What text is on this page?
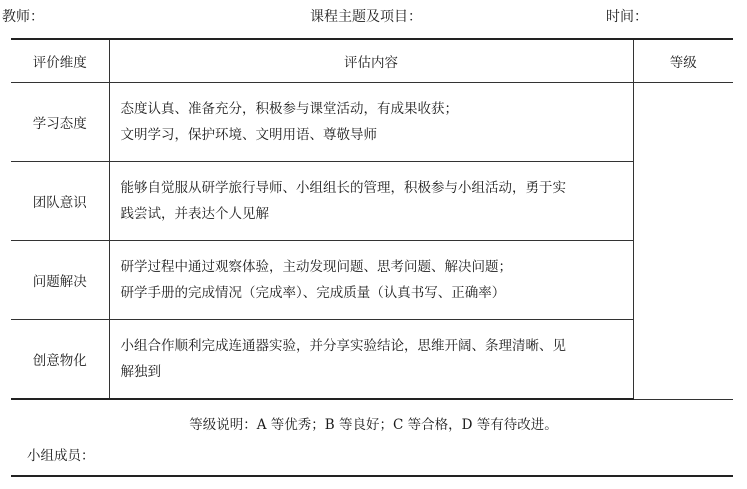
教师：	课程主题及项目：	时间：
评价维度	评估内容	等级
学习态度	态度认真、准备充分，积极参与课堂活动，有成果收获；
文明学习，保护环境、文明用语、尊敬导师	

团队意识	能够自觉服从研学旅行导师、小组组长的管理，积极参与小组活动，勇于实
践尝试，并表达个人见解	

问题解决	研学过程中通过观察体验，主动发现问题、思考问题、解决问题；
研学手册的完成情况（完成率）、完成质量（认真书写、正确率）	

创意物化	小组合作顺利完成连通器实验，并分享实验结论，思维开阔、条理清晰、见
解独到	
等级说明：A 等优秀；B 等良好；C 等合格，D 等有待改进。
小组成员：
